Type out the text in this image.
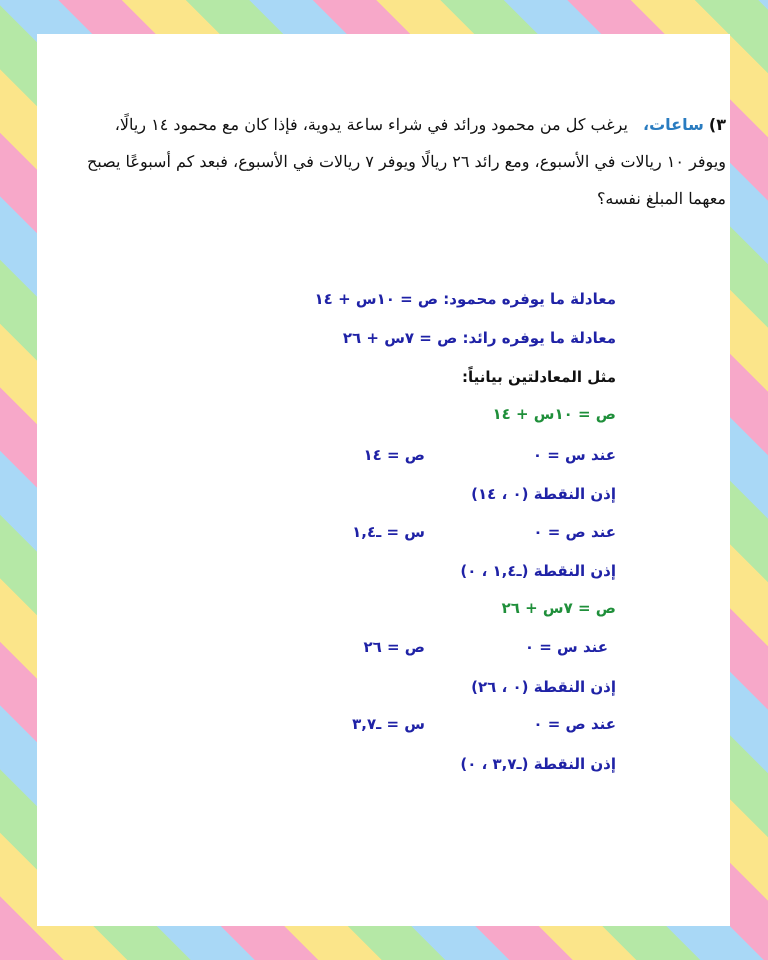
٣) ساعات، يرغب كل من محمود ورائد في شراء ساعة يدوية، فإذا كان مع محمود ١٤ ريالًا، ويوفر ١٠ ريالات في الأسبوع، ومع رائد ٢٦ ريالًا ويوفر ٧ ريالات في الأسبوع، فبعد كم أسبوعًا يصبح معهما المبلغ نفسه؟
معادلة ما يوفره محمود: ص = ١٠س + ١٤
معادلة ما يوفره رائد: ص = ٧س + ٢٦
مثل المعادلتين بيانياً:
ص = ١٠س + ١٤
عند س = ٠
ص = ١٤
إذن النقطة (٠ ، ١٤)
عند ص = ٠
س = ـ١,٤
إذن النقطة (ـ١,٤ ، ٠)
ص = ٧س + ٢٦
عند س = ٠
ص = ٢٦
إذن النقطة (٠ ، ٢٦)
عند ص = ٠
س = ـ٣,٧
إذن النقطة (ـ٣,٧ ، ٠)
